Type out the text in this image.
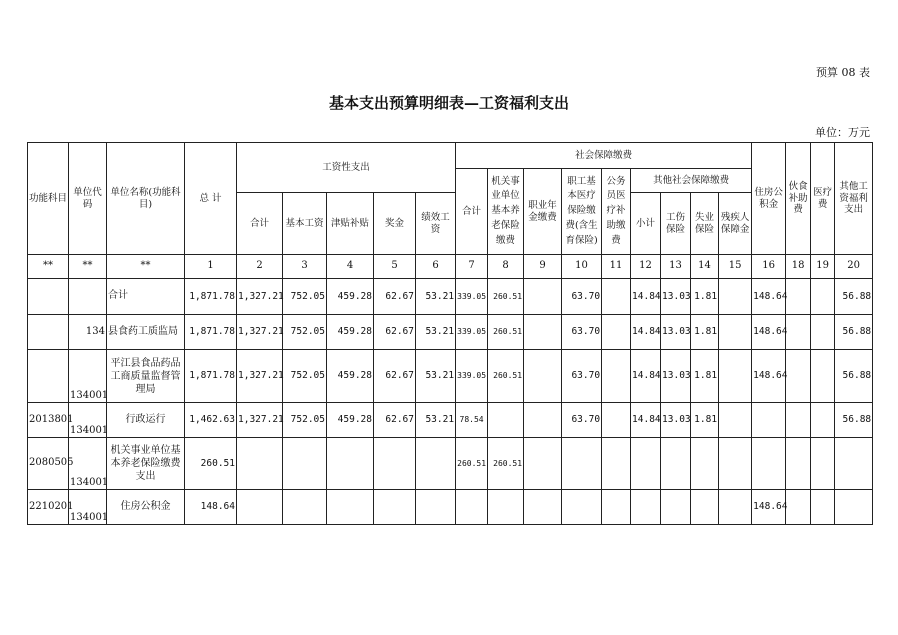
预算 08 表
基本支出预算明细表—工资福利支出
单位：万元
功能科目	单位代码	单位名称(功能科目)	总 计	工资性支出					社会保障缴费									住房公积金	伙食补助费	医疗费	其他工资福利支出
									合计	机关事业单位基本养老保险缴费	职业年金缴费	职工基本医疗保险缴费(含生育保险)	公务员医疗补助缴费	其他社会保障缴费							
				合计	基本工资	津贴补贴	奖金	绩效工资						小计	工伤保险	失业保险	残疾人保障金				
**	**	**	1	2	3	4	5	6	7	8	9	10	11	12	13	14	15	16	18	19	20
		合计	1,871.78	1,327.21	752.05	459.28	62.67	53.21	339.05	260.51		63.70		14.84	13.03	1.81		148.64			56.88
	134	县食药工质监局	1,871.78	1,327.21	752.05	459.28	62.67	53.21	339.05	260.51		63.70		14.84	13.03	1.81		148.64			56.88
	134001	平江县食品药品工商质量监督管理局	1,871.78	1,327.21	752.05	459.28	62.67	53.21	339.05	260.51		63.70		14.84	13.03	1.81		148.64			56.88
2013801	134001	行政运行	1,462.63	1,327.21	752.05	459.28	62.67	53.21	78.54			63.70		14.84	13.03	1.81					56.88
2080505	134001	机关事业单位基本养老保险缴费支出	260.51						260.51	260.51											
2210201	134001	住房公积金	148.64															148.64			
